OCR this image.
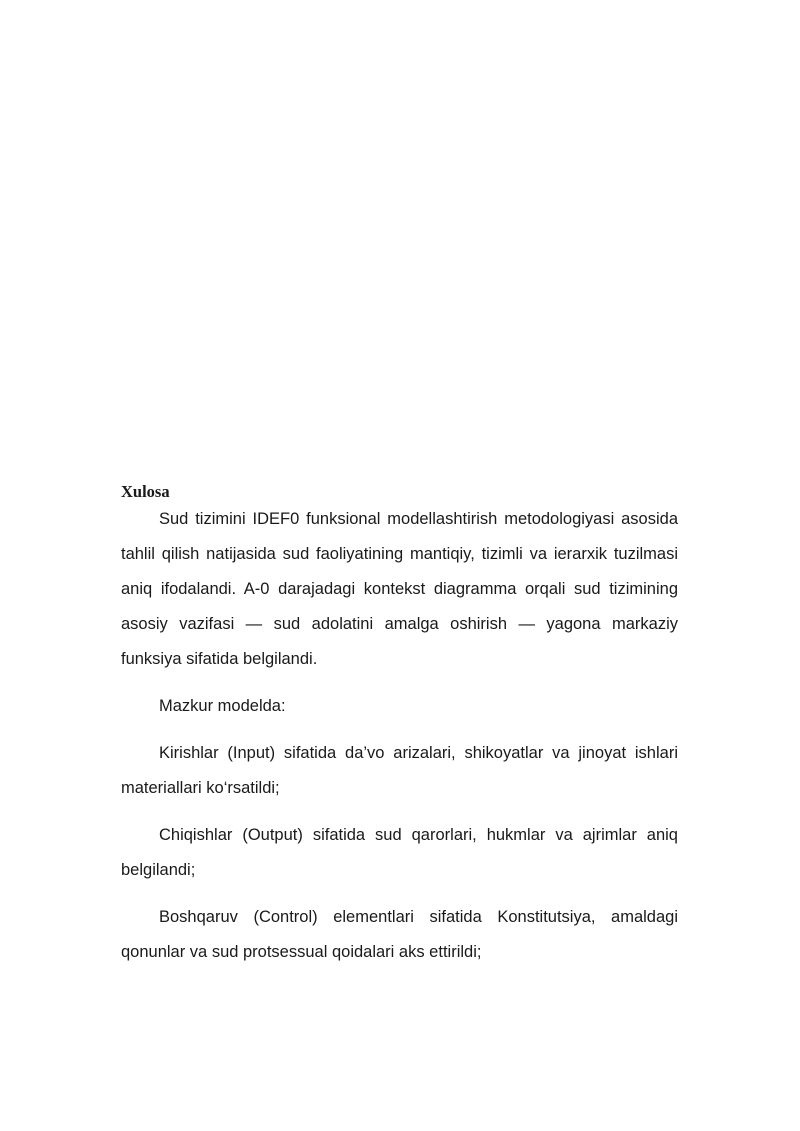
Xulosa

Sud tizimini IDEF0 funksional modellashtirish metodologiyasi asosida tahlil qilish natijasida sud faoliyatining mantiqiy, tizimli va ierarxik tuzilmasi aniq ifodalandi. A-0 darajadagi kontekst diagramma orqali sud tizimining asosiy vazifasi — sud adolatini amalga oshirish — yagona markaziy funksiya sifatida belgilandi.

Mazkur modelda:

Kirishlar (Input) sifatida da’vo arizalari, shikoyatlar va jinoyat ishlari materiallari ko‘rsatildi;

Chiqishlar (Output) sifatida sud qarorlari, hukmlar va ajrimlar aniq belgilandi;

Boshqaruv (Control) elementlari sifatida Konstitutsiya, amaldagi qonunlar va sud protsessual qoidalari aks ettirildi;
